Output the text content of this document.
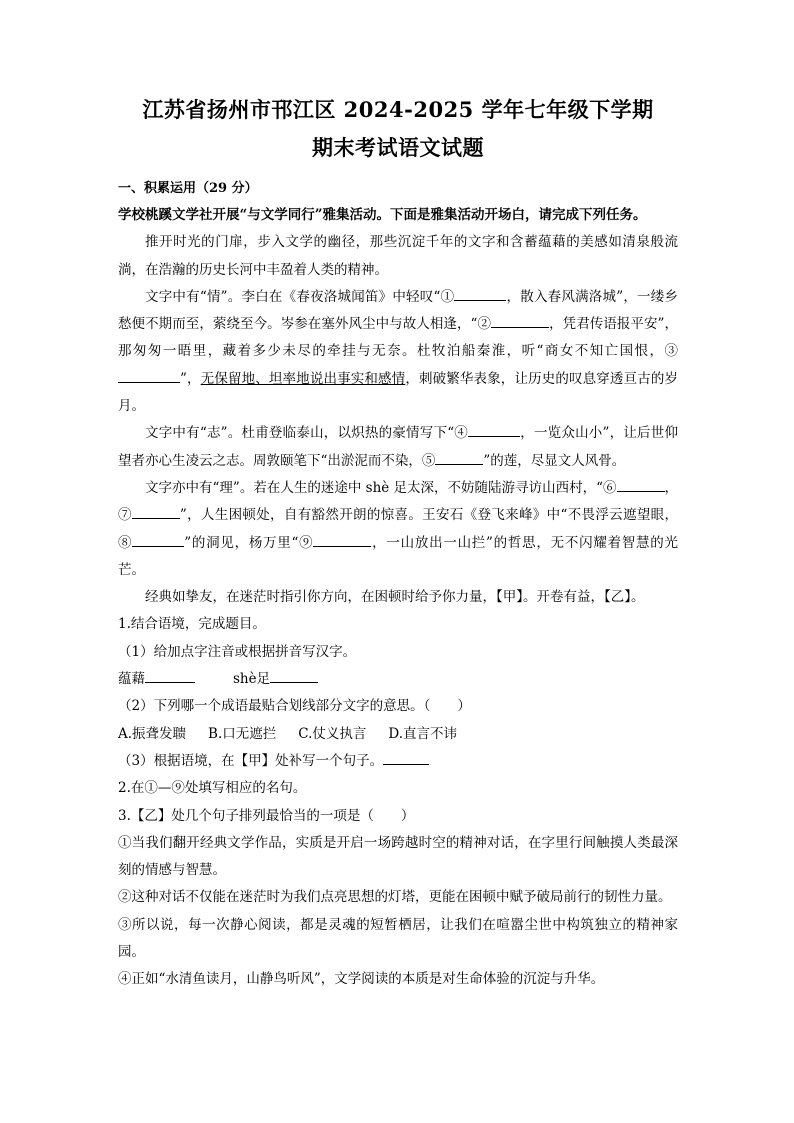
江苏省扬州市邗江区 2024-2025 学年七年级下学期
期末考试语文试题
一、积累运用（29 分）

学校桃蹊文学社开展“与文学同行”雅集活动。下面是雅集活动开场白，请完成下列任务。

推开时光的门扉，步入文学的幽径，那些沉淀千年的文字和含蓄蕴藉的美感如清泉般流淌，在浩瀚的历史长河中丰盈着人类的精神。

文字中有“情”。李白在《春夜洛城闻笛》中轻叹“①	，散入春风满洛城”，一缕乡愁便不期而至，萦绕至今。岑参在塞外风尘中与故人相逢，“②	，凭君传语报平安”，那匆匆一晤里，藏着多少未尽的牵挂与无奈。杜牧泊船秦淮，听“商女不知亡国恨，③”，无保留地、坦率地说出事实和感情，刺破繁华表象，让历史的叹息穿透亘古的岁月。

文字中有“志”。杜甫登临泰山，以炽热的豪情写下“④	，一览众山小”，让后世仰望者亦心生凌云之志。周敦颐笔下“出淤泥而不染，⑤	”的莲，尽显文人风骨。

文字亦中有“理”。若在人生的迷途中 shè 足太深，不妨随陆游寻访山西村，“⑥	，⑦	”，人生困顿处，自有豁然开朗的惊喜。王安石《登飞来峰》中“不畏浮云遮望眼，⑧	”的洞见，杨万里“⑨	，一山放出一山拦”的哲思，无不闪耀着智慧的光芒。

经典如挚友，在迷茫时指引你方向，在困顿时给予你力量，【甲】。开卷有益，【乙】。

1.结合语境，完成题目。

（1）给加点字注音或根据拼音写汉字。

蕴藉	shè足

（2）下列哪一个成语最贴合划线部分文字的意思。（　　）

A.振聋发聩 B.口无遮拦 C.仗义执言 D.直言不讳

（3）根据语境，在【甲】处补写一个句子。

2.在①—⑨处填写相应的名句。

3.【乙】处几个句子排列最恰当的一项是（　　）

①当我们翻开经典文学作品，实质是开启一场跨越时空的精神对话，在字里行间触摸人类最深刻的情感与智慧。

②这种对话不仅能在迷茫时为我们点亮思想的灯塔，更能在困顿中赋予破局前行的韧性力量。

③所以说，每一次静心阅读，都是灵魂的短暂栖居，让我们在喧嚣尘世中构筑独立的精神家园。

④正如“水清鱼读月，山静鸟听风”，文学阅读的本质是对生命体验的沉淀与升华。
